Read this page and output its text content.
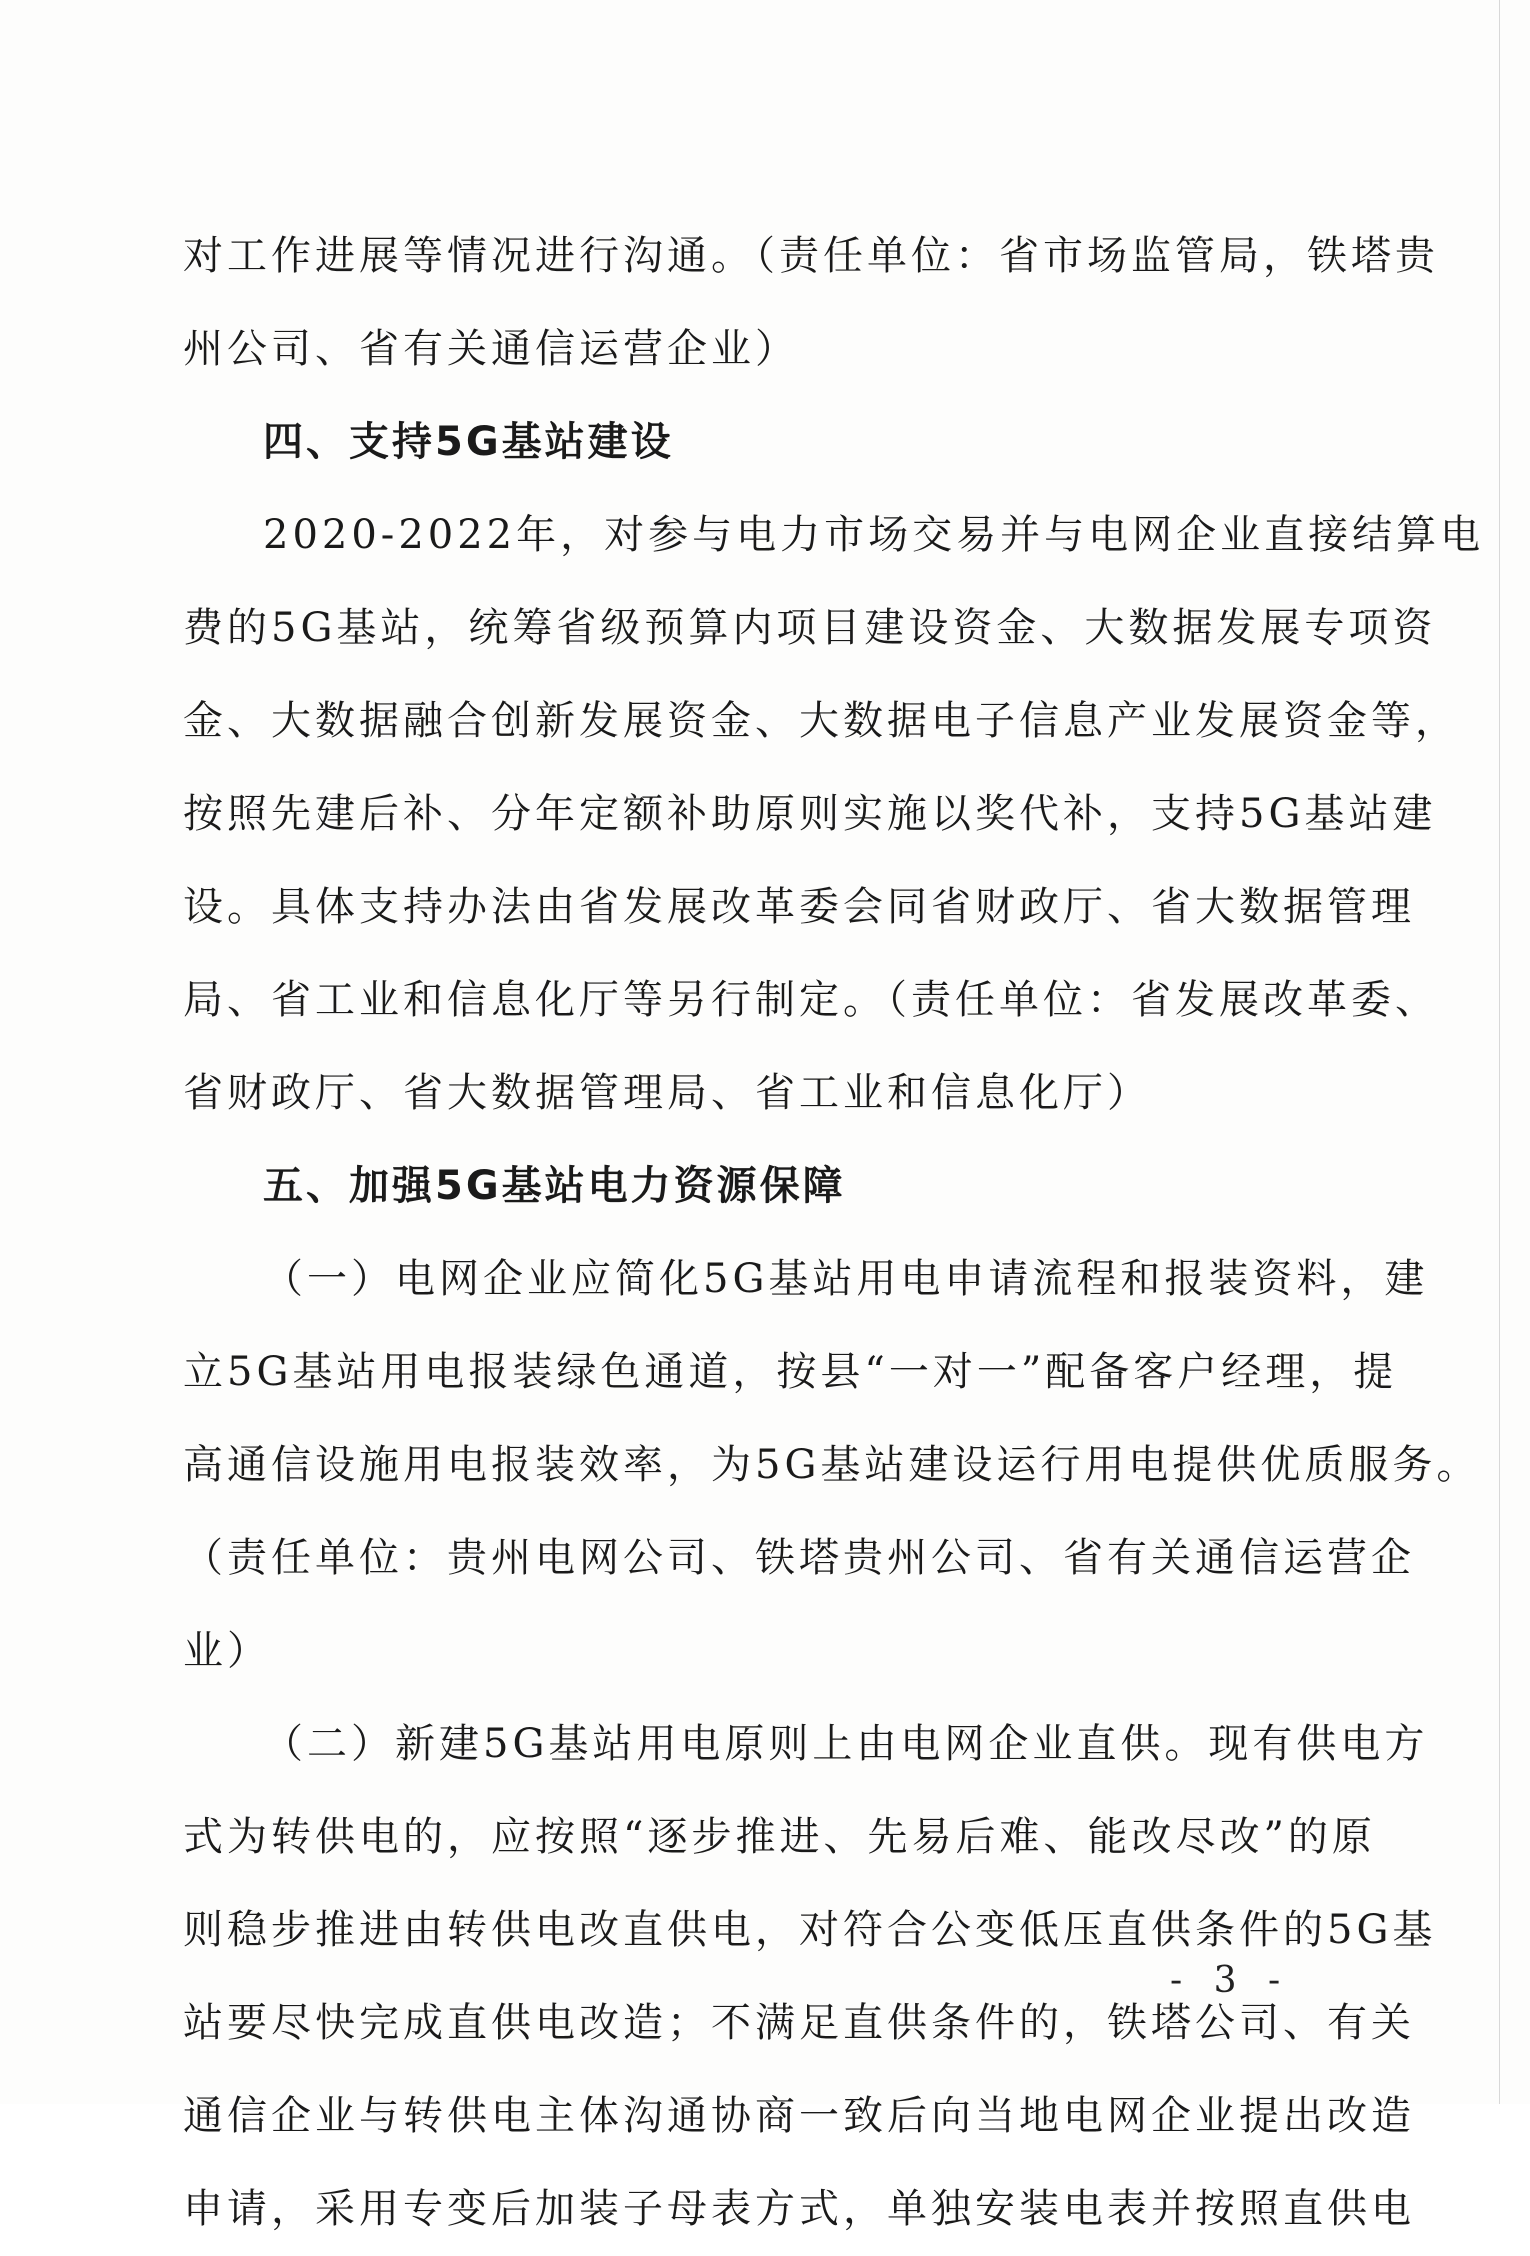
对工作进展等情况进行沟通。（责任单位：省市场监管局，铁塔贵
州公司、省有关通信运营企业）
四、支持5G基站建设
2020-2022年，对参与电力市场交易并与电网企业直接结算电
费的5G基站，统筹省级预算内项目建设资金、大数据发展专项资
金、大数据融合创新发展资金、大数据电子信息产业发展资金等，
按照先建后补、分年定额补助原则实施以奖代补，支持5G基站建
设。具体支持办法由省发展改革委会同省财政厅、省大数据管理
局、省工业和信息化厅等另行制定。（责任单位：省发展改革委、
省财政厅、省大数据管理局、省工业和信息化厅）
五、加强5G基站电力资源保障
（一）电网企业应简化5G基站用电申请流程和报装资料，建
立5G基站用电报装绿色通道，按县“一对一”配备客户经理，提
高通信设施用电报装效率，为5G基站建设运行用电提供优质服务。
（责任单位：贵州电网公司、铁塔贵州公司、省有关通信运营企
业）
（二）新建5G基站用电原则上由电网企业直供。现有供电方
式为转供电的，应按照“逐步推进、先易后难、能改尽改”的原
则稳步推进由转供电改直供电，对符合公变低压直供条件的5G基
站要尽快完成直供电改造；不满足直供条件的，铁塔公司、有关
通信企业与转供电主体沟通协商一致后向当地电网企业提出改造
申请，采用专变后加装子母表方式，单独安装电表并按照直供电
- 3 -
